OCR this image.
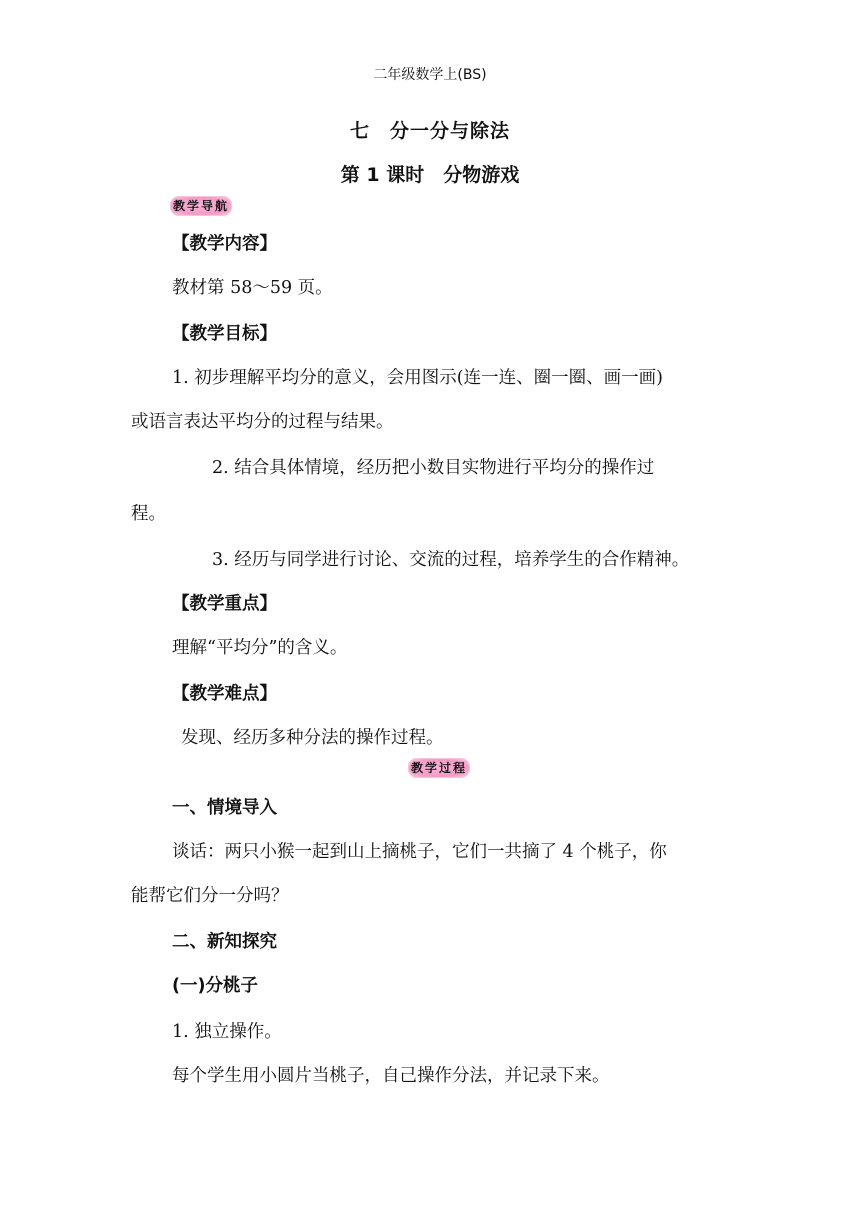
二年级数学上(BS)
七　分一分与除法
第 1 课时　分物游戏
教学导航
【教学内容】
教材第 58～59 页。
【教学目标】
1. 初步理解平均分的意义，会用图示(连一连、圈一圈、画一画)
或语言表达平均分的过程与结果。
2. 结合具体情境，经历把小数目实物进行平均分的操作过
程。
3. 经历与同学进行讨论、交流的过程，培养学生的合作精神。
【教学重点】
理解“平均分”的含义。
【教学难点】
发现、经历多种分法的操作过程。
教学过程
一、情境导入
谈话：两只小猴一起到山上摘桃子，它们一共摘了 4 个桃子，你
能帮它们分一分吗？
二、新知探究
(一)分桃子
1. 独立操作。
每个学生用小圆片当桃子，自己操作分法，并记录下来。
